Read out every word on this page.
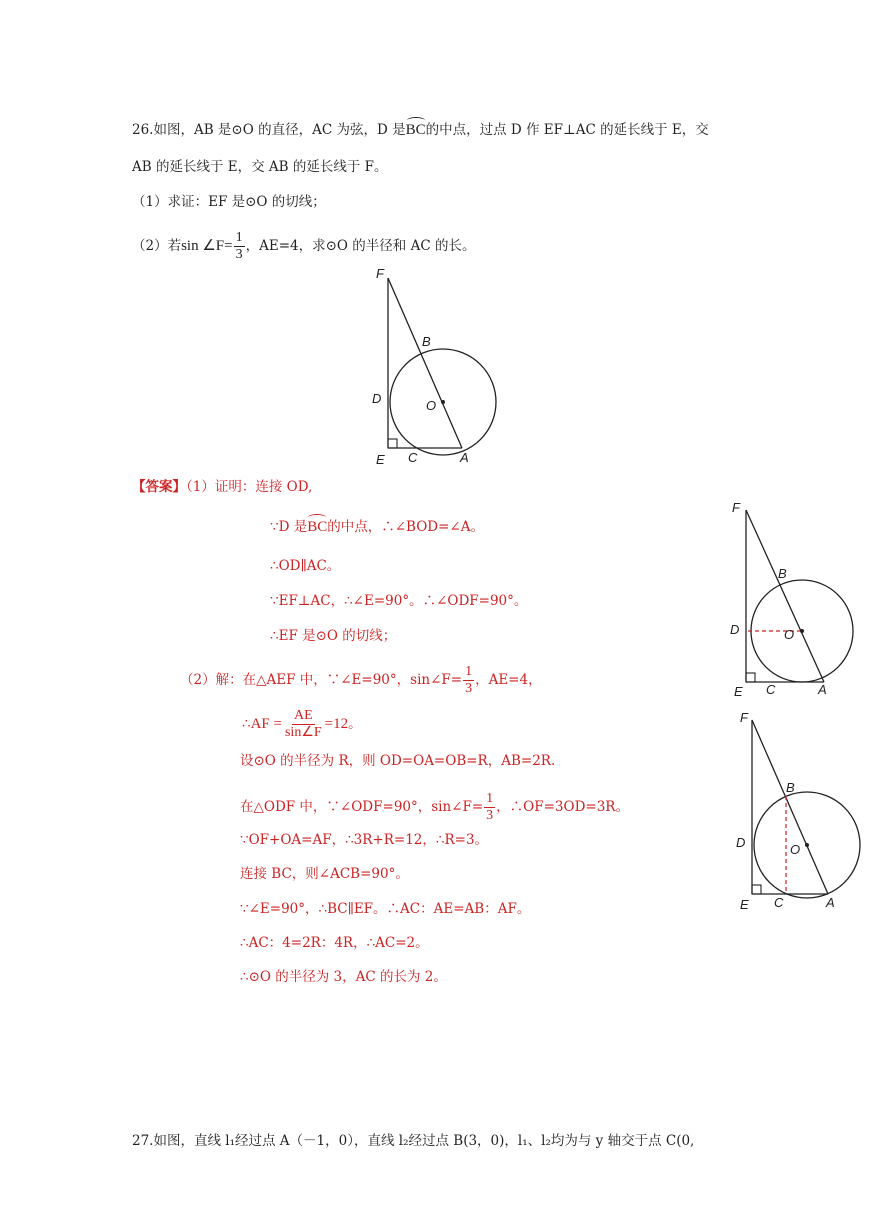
26.如图，AB 是⊙O 的直径，AC 为弦，D 是BC的中点，过点 D 作 EF⊥AC 的延长线于 E，交
AB 的延长线于 E，交 AB 的延长线于 F。
（1）求证：EF 是⊙O 的切线；
（2）若sin ∠F= $\frac{1}{3}$ ，AE=4，求⊙O 的半径和 AC 的长。
F
B
D	O
E C	A
【答案】（1）证明：连接 OD,
∵D 是BC的中点，∴∠BOD=∠A。
∴OD∥AC。
∵EF⊥AC，∴∠E=90°。∴∠ODF=90°。
∴EF 是⊙O 的切线；
（2）解：在△AEF 中，∵∠E=90°，sin∠F= $\frac{1}{3}$ ，AE=4，
∴AF = $\frac{AE}{\sin\angle F} =12$。
设⊙O 的半径为 R，则 OD=OA=OB=R，AB=2R.
在△ODF 中，∵∠ODF=90°，sin∠F= $\frac{1}{3}$ ，∴OF=3OD=3R。
∵OF+OA=AF，∴3R+R=12，∴R=3。
连接 BC，则∠ACB=90°。
∵∠E=90°，∴BC∥EF。∴AC：AE=AB：AF。
∴AC：4=2R：4R，∴AC=2。
∴⊙O 的半径为 3，AC 的长为 2。
F
B
D	O
E C	A
F
B
D	O
E C	A
27.如图，直线 l₁经过点 A（－1，0），直线 l₂经过点 B(3，0)，l₁、l₂均为与 y 轴交于点 C(0,
